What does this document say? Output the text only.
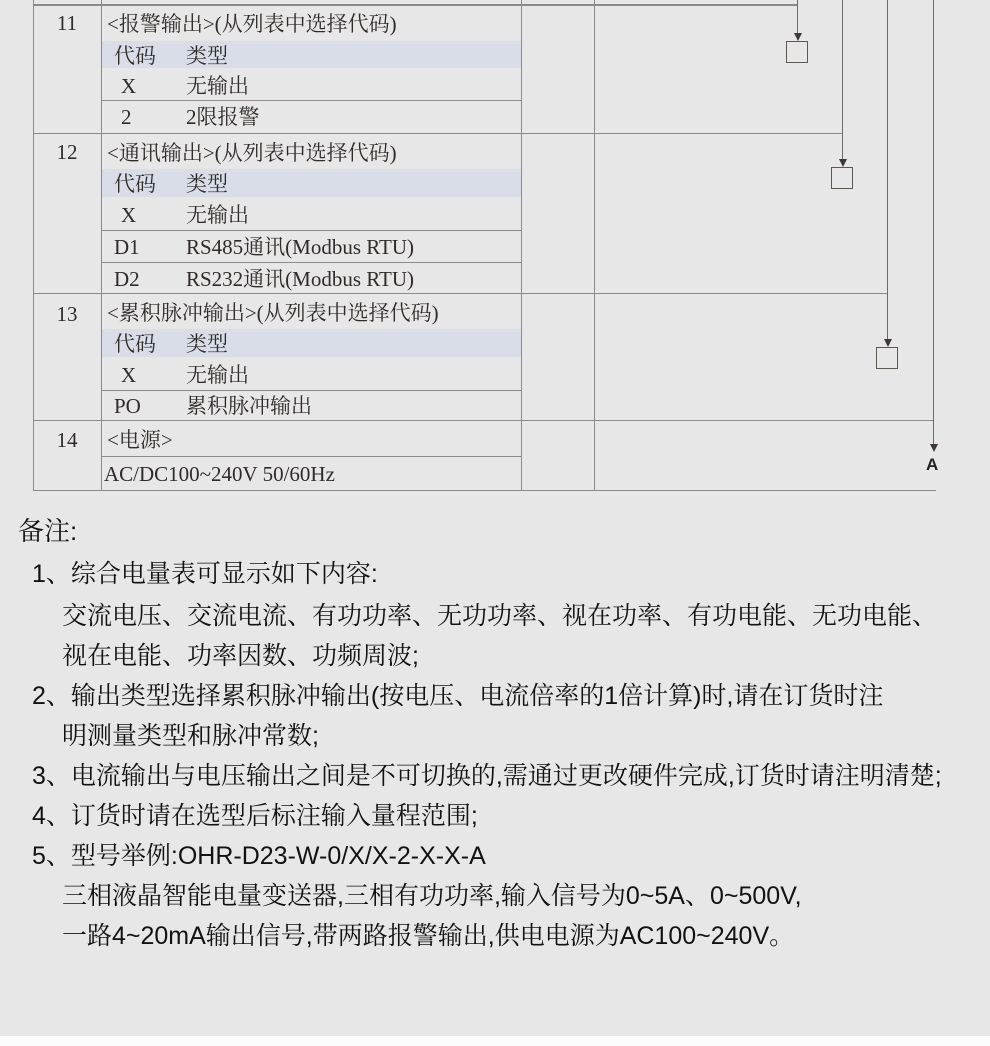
11
12
13
14
<报警输出>(从列表中选择代码)
代码 类型
X 无输出
2	2限报警
<通讯输出>(从列表中选择代码)
代码 类型
X 无输出
D1 RS485通讯(Modbus RTU)
D2 RS232通讯(Modbus RTU)
<累积脉冲输出>(从列表中选择代码)
代码 类型
X 无输出
PO 累积脉冲输出
<电源>
AC/DC100~240V 50/60Hz	A
备注:
1、综合电量表可显示如下内容:
交流电压、交流电流、有功功率、无功功率、视在功率、有功电能、无功电能、
视在电能、功率因数、功频周波;
2、输出类型选择累积脉冲输出(按电压、电流倍率的1倍计算)时,请在订货时注
明测量类型和脉冲常数;
3、电流输出与电压输出之间是不可切换的,需通过更改硬件完成,订货时请注明清楚;
4、订货时请在选型后标注输入量程范围;
5、型号举例:OHR-D23-W-0/X/X-2-X-X-A
三相液晶智能电量变送器,三相有功功率,输入信号为0~5A、0~500V,
一路4~20mA输出信号,带两路报警输出,供电电源为AC100~240V。
